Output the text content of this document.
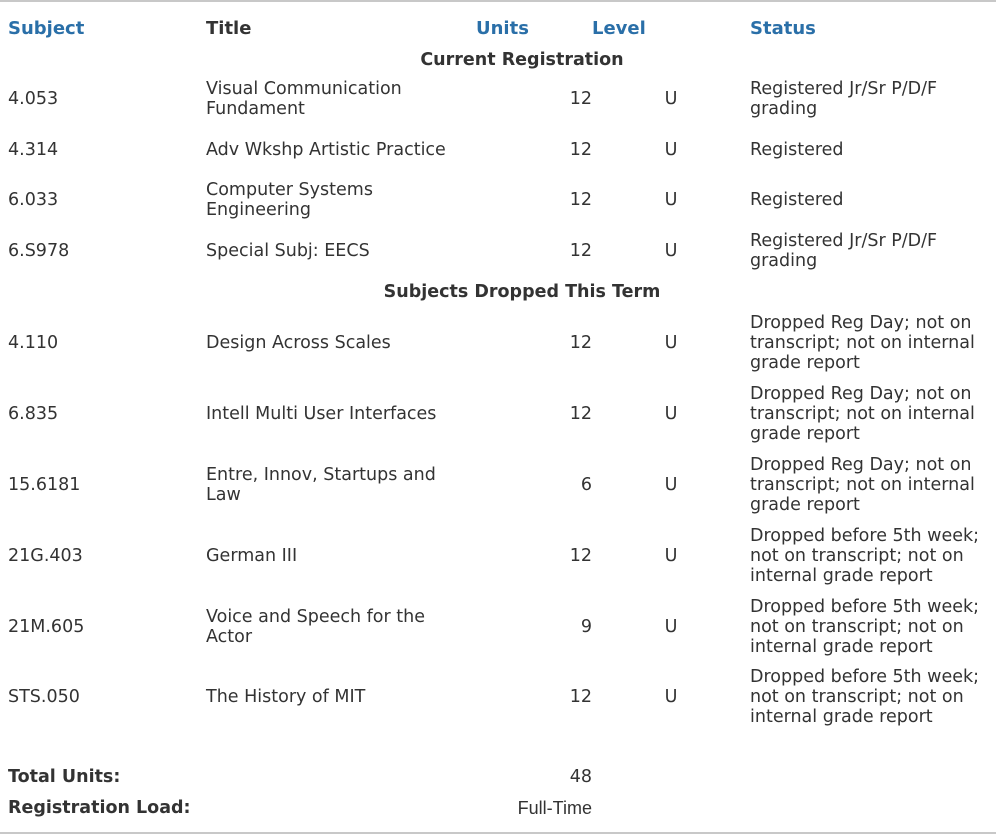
Subject	Title	Units	Level	Status
Current Registration				
4.053	Visual Communication Fundament	12	U	Registered Jr/Sr P/D/F grading
4.314	Adv Wkshp Artistic Practice	12	U	Registered
6.033	Computer Systems Engineering	12	U	Registered
6.S978	Special Subj: EECS	12	U	Registered Jr/Sr P/D/F grading
Subjects Dropped This Term				
4.110	Design Across Scales	12	U	Dropped Reg Day; not on transcript; not on internal grade report
6.835	Intell Multi User Interfaces	12	U	Dropped Reg Day; not on transcript; not on internal grade report
15.6181	Entre, Innov, Startups and Law	6	U	Dropped Reg Day; not on transcript; not on internal grade report
21G.403	German III	12	U	Dropped before 5th week; not on transcript; not on internal grade report
21M.605	Voice and Speech for the Actor	9	U	Dropped before 5th week; not on transcript; not on internal grade report
STS.050	The History of MIT	12	U	Dropped before 5th week; not on transcript; not on internal grade report
Total Units:	48
Registration Load:	Full-Time
